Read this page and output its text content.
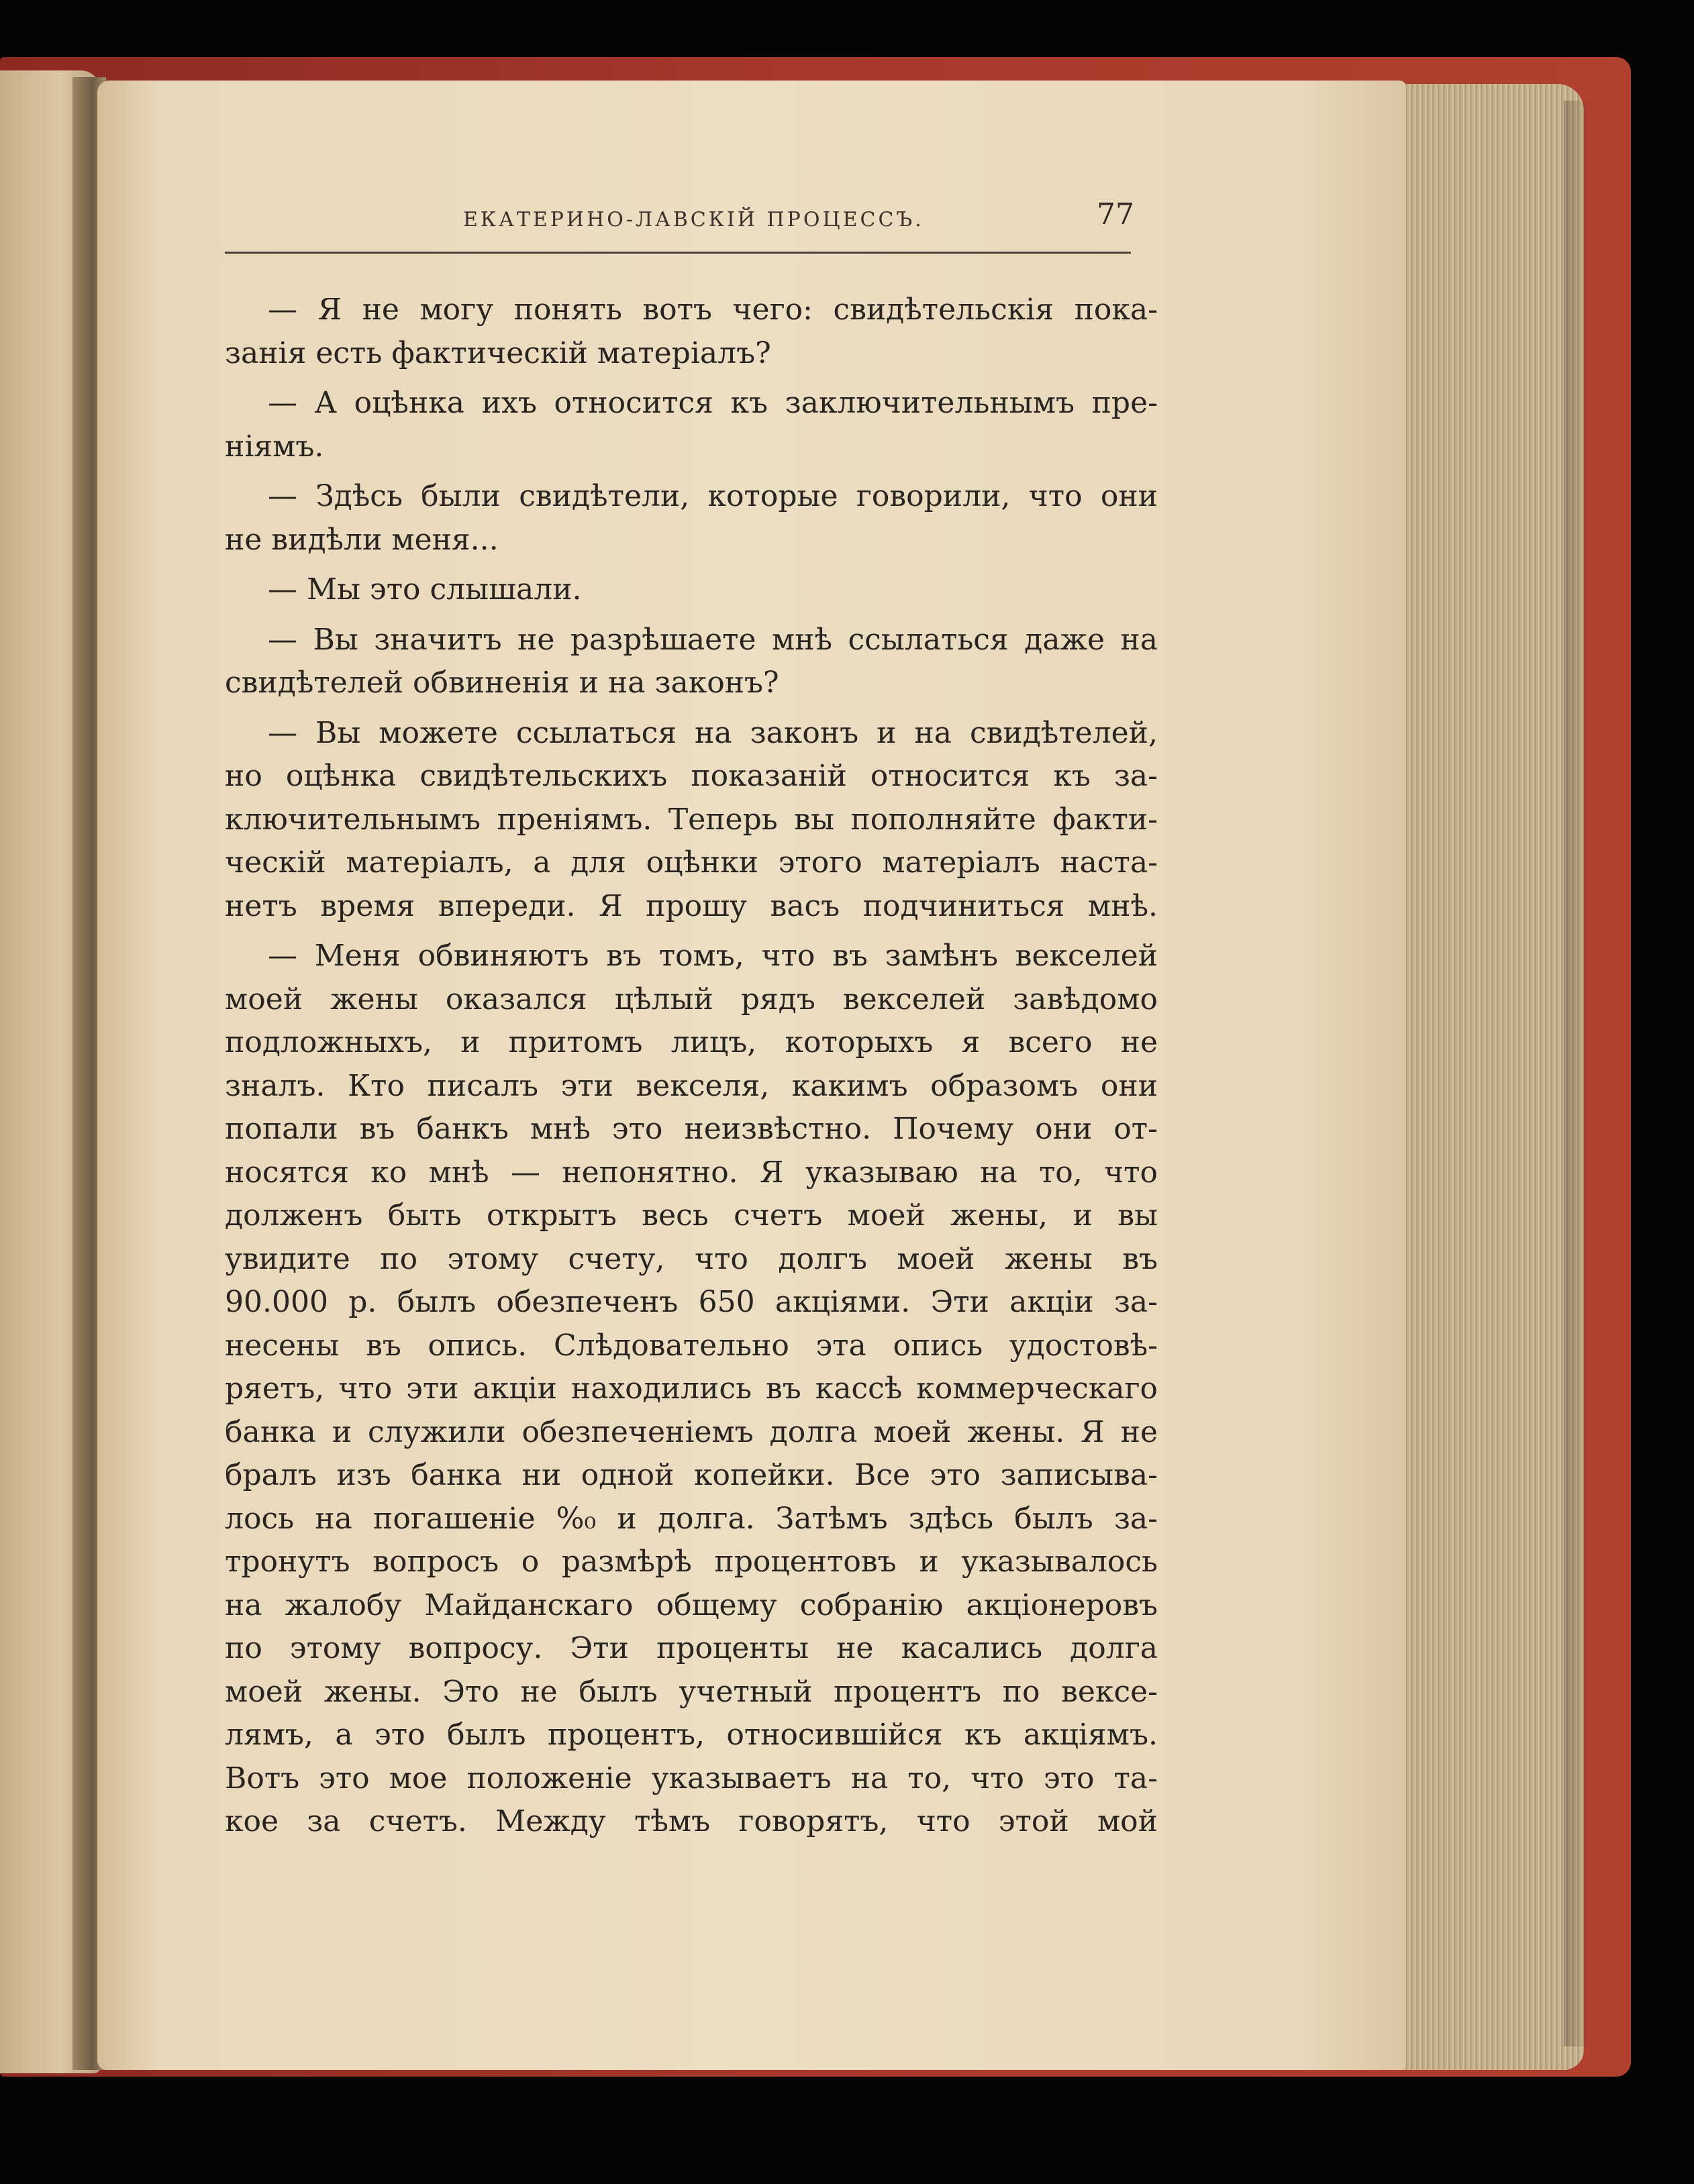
ЕКАТЕРИНО-ЛАВСКІЙ ПРОЦЕССЪ.	77
— Я не могу понять вотъ чего: свидѣтельскія пока-
занія есть фактическій матеріалъ?
— А оцѣнка ихъ относится къ заключительнымъ пре-
ніямъ.
— Здѣсь были свидѣтели, которые говорили, что они
не видѣли меня...
— Мы это слышали.
— Вы значитъ не разрѣшаете мнѣ ссылаться даже на
свидѣтелей обвиненія и на законъ?
— Вы можете ссылаться на законъ и на свидѣтелей,
но оцѣнка свидѣтельскихъ показаній относится къ за-
ключительнымъ преніямъ. Теперь вы пополняйте факти-
ческій матеріалъ, а для оцѣнки этого матеріалъ наста-
нетъ время впереди. Я прошу васъ подчиниться мнѣ.
— Меня обвиняютъ въ томъ, что въ замѣнъ векселей
моей жены оказался цѣлый рядъ векселей завѣдомо
подложныхъ, и притомъ лицъ, которыхъ я всего не
зналъ. Кто писалъ эти векселя, какимъ образомъ они
попали въ банкъ мнѣ это неизвѣстно. Почему они от-
носятся ко мнѣ — непонятно. Я указываю на то, что
долженъ быть открытъ весь счетъ моей жены, и вы
увидите по этому счету, что долгъ моей жены въ
90.000 р. былъ обезпеченъ 650 акціями. Эти акціи за-
несены въ опись. Слѣдовательно эта опись удостовѣ-
ряетъ, что эти акціи находились въ кассѣ коммерческаго
банка и служили обезпеченіемъ долга моей жены. Я не
бралъ изъ банка ни одной копейки. Все это записыва-
лось на погашеніе %₀ и долга. Затѣмъ здѣсь былъ за-
тронутъ вопросъ о размѣрѣ процентовъ и указывалось
на жалобу Майданскаго общему собранію акціонеровъ
по этому вопросу. Эти проценты не касались долга
моей жены. Это не былъ учетный процентъ по вексе-
лямъ, а это былъ процентъ, относившійся къ акціямъ.
Вотъ это мое положеніе указываетъ на то, что это та-
кое за счетъ. Между тѣмъ говорятъ, что этой мой
